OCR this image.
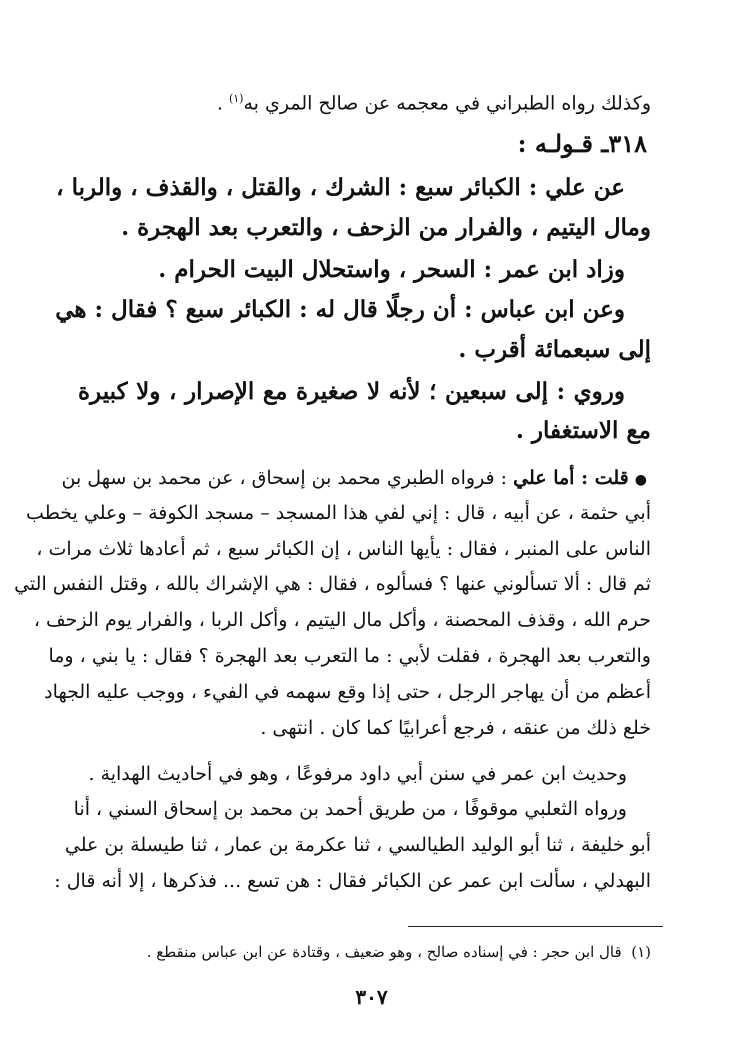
وكذلك رواه الطبراني في معجمه عن صالح المري به$^{(١)}$ .
٣١٨ـ قـولـه :
عن علي : الكبائر سبع : الشرك ، والقتل ، والقذف ، والربا ،
ومال اليتيم ، والفرار من الزحف ، والتعرب بعد الهجرة .
وزاد ابن عمر : السحر ، واستحلال البيت الحرام .
وعن ابن عباس : أن رجلًا قال له : الكبائر سبع ؟ فقال : هي
إلى سبعمائة أقرب .
وروي : إلى سبعين ؛ لأنه لا صغيرة مع الإصرار ، ولا كبيرة
مع الاستغفار .
● قلت : أما علي : فرواه الطبري محمد بن إسحاق ، عن محمد بن سهل بن
أبي حثمة ، عن أبيه ، قال : إني لفي هذا المسجد – مسجد الكوفة – وعلي يخطب
الناس على المنبر ، فقال : يأيها الناس ، إن الكبائر سبع ، ثم أعادها ثلاث مرات ،
ثم قال : ألا تسألوني عنها ؟ فسألوه ، فقال : هي الإشراك بالله ، وقتل النفس التي
حرم الله ، وقذف المحصنة ، وأكل مال اليتيم ، وأكل الربا ، والفرار يوم الزحف ،
والتعرب بعد الهجرة ، فقلت لأبي : ما التعرب بعد الهجرة ؟ فقال : يا بني ، وما
أعظم من أن يهاجر الرجل ، حتى إذا وقع سهمه في الفيء ، ووجب عليه الجهاد
خلع ذلك من عنقه ، فرجع أعرابيًا كما كان . انتهى .
وحديث ابن عمر في سنن أبي داود مرفوعًا ، وهو في أحاديث الهداية .
ورواه الثعلبي موقوفًا ، من طريق أحمد بن محمد بن إسحاق السني ، أنا
أبو خليفة ، ثنا أبو الوليد الطيالسي ، ثنا عكرمة بن عمار ، ثنا طيسلة بن علي
البهدلي ، سألت ابن عمر عن الكبائر فقال : هن تسع ... فذكرها ، إلا أنه قال :
(١)  قال ابن حجر : في إسناده صالح ، وهو ضعيف ، وقتادة عن ابن عباس منقطع .
٣٠٧
